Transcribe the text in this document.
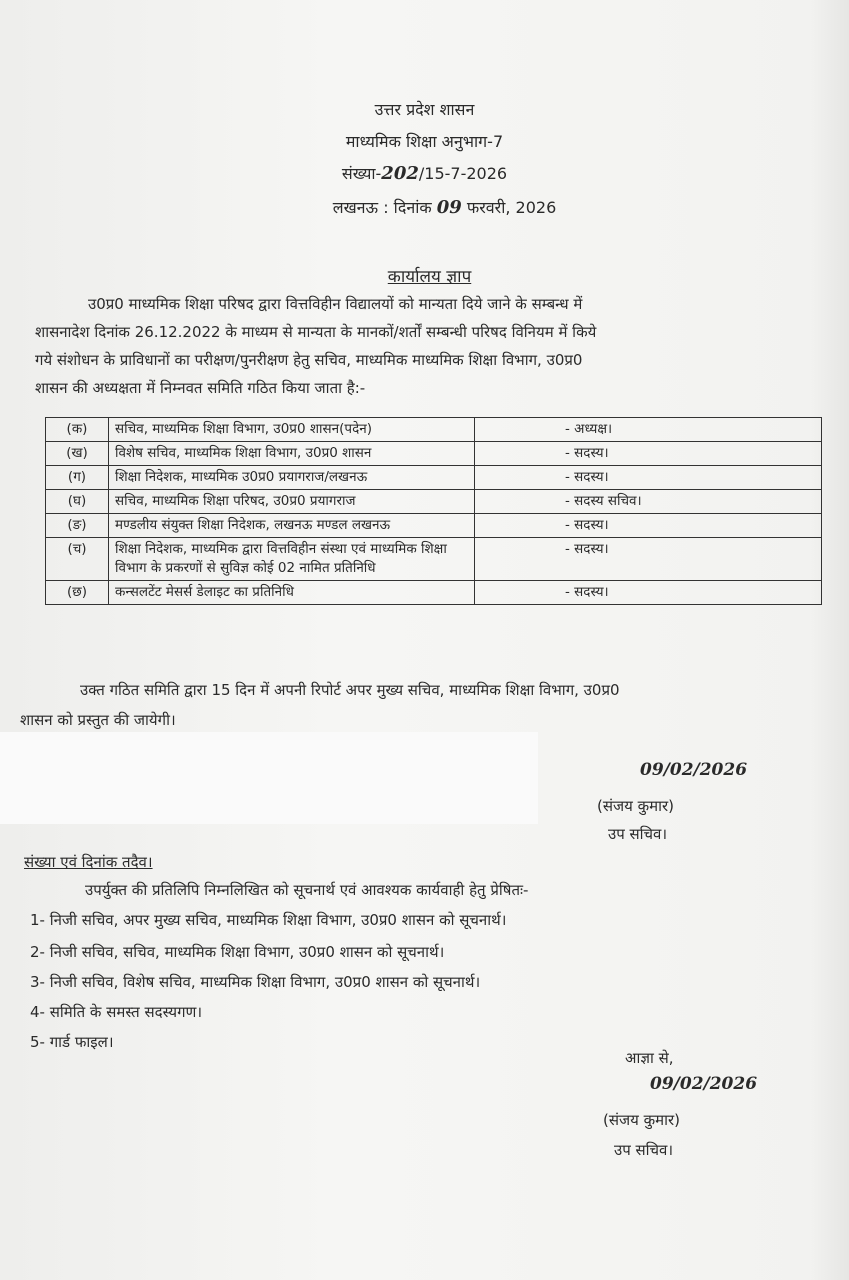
उत्तर प्रदेश शासन
माध्यमिक शिक्षा अनुभाग-7
संख्या-202/15-7-2026
लखनऊ : दिनांक 09 फरवरी, 2026
कार्यालय ज्ञाप
उ0प्र0 माध्यमिक शिक्षा परिषद द्वारा वित्तविहीन विद्यालयों को मान्यता दिये जाने के सम्बन्ध में
शासनादेश दिनांक 26.12.2022 के माध्यम से मान्यता के मानकों/शर्तों सम्बन्धी परिषद विनियम में किये
गये संशोधन के प्राविधानों का परीक्षण/पुनरीक्षण हेतु सचिव, माध्यमिक माध्यमिक शिक्षा विभाग, उ0प्र0
शासन की अध्यक्षता में निम्नवत समिति गठित किया जाता है:-
(क)	सचिव, माध्यमिक शिक्षा विभाग, उ0प्र0 शासन(पदेन)	- अध्यक्ष।
(ख)	विशेष सचिव, माध्यमिक शिक्षा विभाग, उ0प्र0 शासन	- सदस्य।
(ग)	शिक्षा निदेशक, माध्यमिक उ0प्र0 प्रयागराज/लखनऊ	- सदस्य।
(घ)	सचिव, माध्यमिक शिक्षा परिषद, उ0प्र0 प्रयागराज	- सदस्य सचिव।
(ङ)	मण्डलीय संयुक्त शिक्षा निदेशक, लखनऊ मण्डल लखनऊ	- सदस्य।
(च)	शिक्षा निदेशक, माध्यमिक द्वारा वित्तविहीन संस्था एवं माध्यमिक शिक्षा विभाग के प्रकरणों से सुविज्ञ कोई 02 नामित प्रतिनिधि	- सदस्य।
(छ)	कन्सलटेंट मेसर्स डेलाइट का प्रतिनिधि	- सदस्य।
उक्त गठित समिति द्वारा 15 दिन में अपनी रिपोर्ट अपर मुख्य सचिव, माध्यमिक शिक्षा विभाग, उ0प्र0
शासन को प्रस्तुत की जायेगी।
09/02/2026
(संजय कुमार)
उप सचिव।
संख्या एवं दिनांक तदैव।
उपर्युक्त की प्रतिलिपि निम्नलिखित को सूचनार्थ एवं आवश्यक कार्यवाही हेतु प्रेषितः-
1- निजी सचिव, अपर मुख्य सचिव, माध्यमिक शिक्षा विभाग, उ0प्र0 शासन को सूचनार्थ।
2- निजी सचिव, सचिव, माध्यमिक शिक्षा विभाग, उ0प्र0 शासन को सूचनार्थ।
3- निजी सचिव, विशेष सचिव, माध्यमिक शिक्षा विभाग, उ0प्र0 शासन को सूचनार्थ।
4- समिति के समस्त सदस्यगण।
5- गार्ड फाइल।
आज्ञा से,
09/02/2026
(संजय कुमार)
उप सचिव।
